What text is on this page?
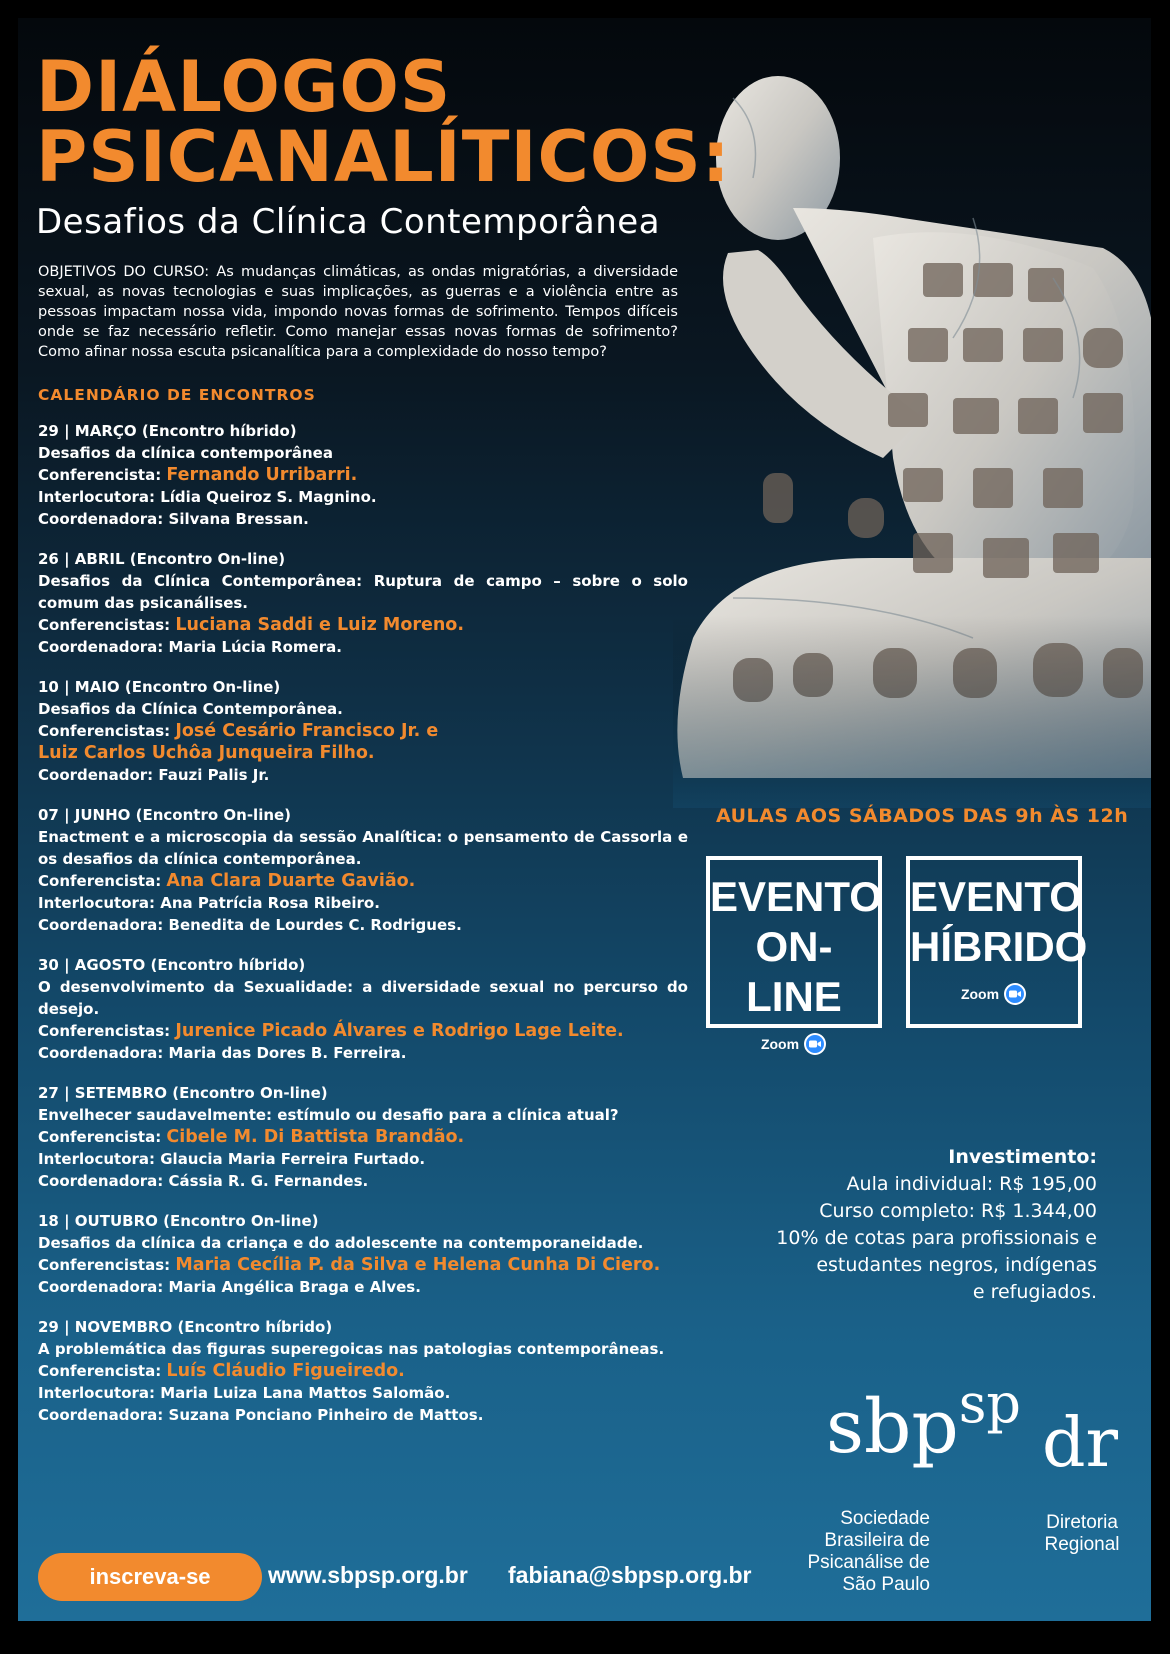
DIÁLOGOS
PSICANALÍTICOS:
Desafios da Clínica Contemporânea

OBJETIVOS DO CURSO: As mudanças climáticas, as ondas migratórias, a diversidade sexual, as novas tecnologias e suas implicações, as guerras e a violência entre as pessoas impactam nossa vida, impondo novas formas de sofrimento. Tempos difíceis onde se faz necessário refletir. Como manejar essas novas formas de sofrimento? Como afinar nossa escuta psicanalítica para a complexidade do nosso tempo?

CALENDÁRIO DE ENCONTROS
29 | MARÇO (Encontro híbrido)
Desafios da clínica contemporânea
Conferencista: Fernando Urribarri.
Interlocutora: Lídia Queiroz S. Magnino.
Coordenadora: Silvana Bressan.
26 | ABRIL (Encontro On-line)
Desafios da Clínica Contemporânea: Ruptura de campo – sobre o solo comum das psicanálises.
Conferencistas: Luciana Saddi e Luiz Moreno.
Coordenadora: Maria Lúcia Romera.
10 | MAIO (Encontro On-line)
Desafios da Clínica Contemporânea.
Conferencistas: José Cesário Francisco Jr. e
Luiz Carlos Uchôa Junqueira Filho.
Coordenador: Fauzi Palis Jr.
07 | JUNHO (Encontro On-line)
Enactment e a microscopia da sessão Analítica: o pensamento de Cassorla e os desafios da clínica contemporânea.
Conferencista: Ana Clara Duarte Gavião.
Interlocutora: Ana Patrícia Rosa Ribeiro.
Coordenadora: Benedita de Lourdes C. Rodrigues.
30 | AGOSTO (Encontro híbrido)
O desenvolvimento da Sexualidade: a diversidade sexual no percurso do desejo.
Conferencistas: Jurenice Picado Álvares e Rodrigo Lage Leite.
Coordenadora: Maria das Dores B. Ferreira.
27 | SETEMBRO (Encontro On-line)
Envelhecer saudavelmente: estímulo ou desafio para a clínica atual?
Conferencista: Cibele M. Di Battista Brandão.
Interlocutora: Glaucia Maria Ferreira Furtado.
Coordenadora: Cássia R. G. Fernandes.
18 | OUTUBRO (Encontro On-line)
Desafios da clínica da criança e do adolescente na contemporaneidade.
Conferencistas: Maria Cecília P. da Silva e Helena Cunha Di Ciero.
Coordenadora: Maria Angélica Braga e Alves.
29 | NOVEMBRO (Encontro híbrido)
A problemática das figuras superegoicas nas patologias contemporâneas.
Conferencista: Luís Cláudio Figueiredo.
Interlocutora: Maria Luiza Lana Mattos Salomão.
Coordenadora: Suzana Ponciano Pinheiro de Mattos.
AULAS AOS SÁBADOS DAS 9h ÀS 12h
EVENTO
ON-LINE
Zoom
EVENTO
HÍBRIDO
Zoom
Investimento:
Aula individual: R$ 195,00
Curso completo: R$ 1.344,00
10% de cotas para profissionais e
estudantes negros, indígenas
e refugiados.
sbp$^{sp}$
dr
Sociedade
Brasileira de
Psicanálise de
São Paulo
Diretoria
Regional
inscreva-se	www.sbpsp.org.br fabiana@sbpsp.org.br
